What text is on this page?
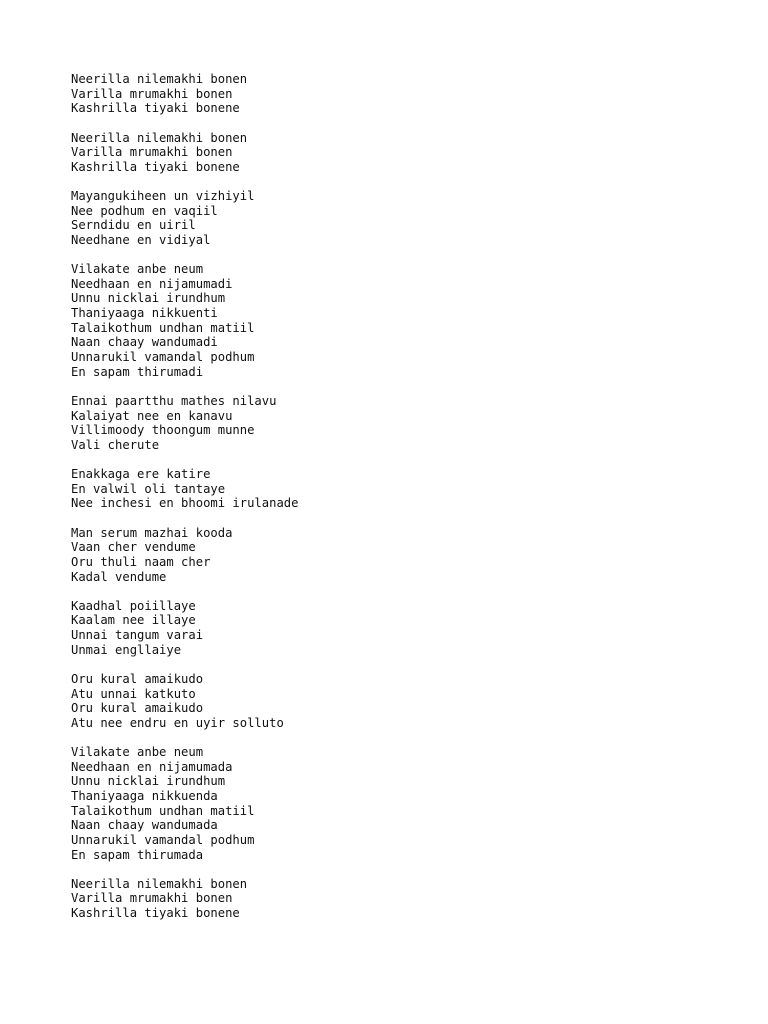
Neerilla nilemakhi bonen
Varilla mrumakhi bonen
Kashrilla tiyaki bonene
Neerilla nilemakhi bonen
Varilla mrumakhi bonen
Kashrilla tiyaki bonene
Mayangukiheen un vizhiyil
Nee podhum en vaqiil
Serndidu en uiril
Needhane en vidiyal
Vilakate anbe neum
Needhaan en nijamumadi
Unnu nicklai irundhum
Thaniyaaga nikkuenti
Talaikothum undhan matiil
Naan chaay wandumadi
Unnarukil vamandal podhum
En sapam thirumadi
Ennai paartthu mathes nilavu
Kalaiyat nee en kanavu
Villimoody thoongum munne
Vali cherute
Enakkaga ere katire
En valwil oli tantaye
Nee inchesi en bhoomi irulanade
Man serum mazhai kooda
Vaan cher vendume
Oru thuli naam cher
Kadal vendume
Kaadhal poiillaye
Kaalam nee illaye
Unnai tangum varai
Unmai engllaiye
Oru kural amaikudo
Atu unnai katkuto
Oru kural amaikudo
Atu nee endru en uyir solluto
Vilakate anbe neum
Needhaan en nijamumada
Unnu nicklai irundhum
Thaniyaaga nikkuenda
Talaikothum undhan matiil
Naan chaay wandumada
Unnarukil vamandal podhum
En sapam thirumada
Neerilla nilemakhi bonen
Varilla mrumakhi bonen
Kashrilla tiyaki bonene
